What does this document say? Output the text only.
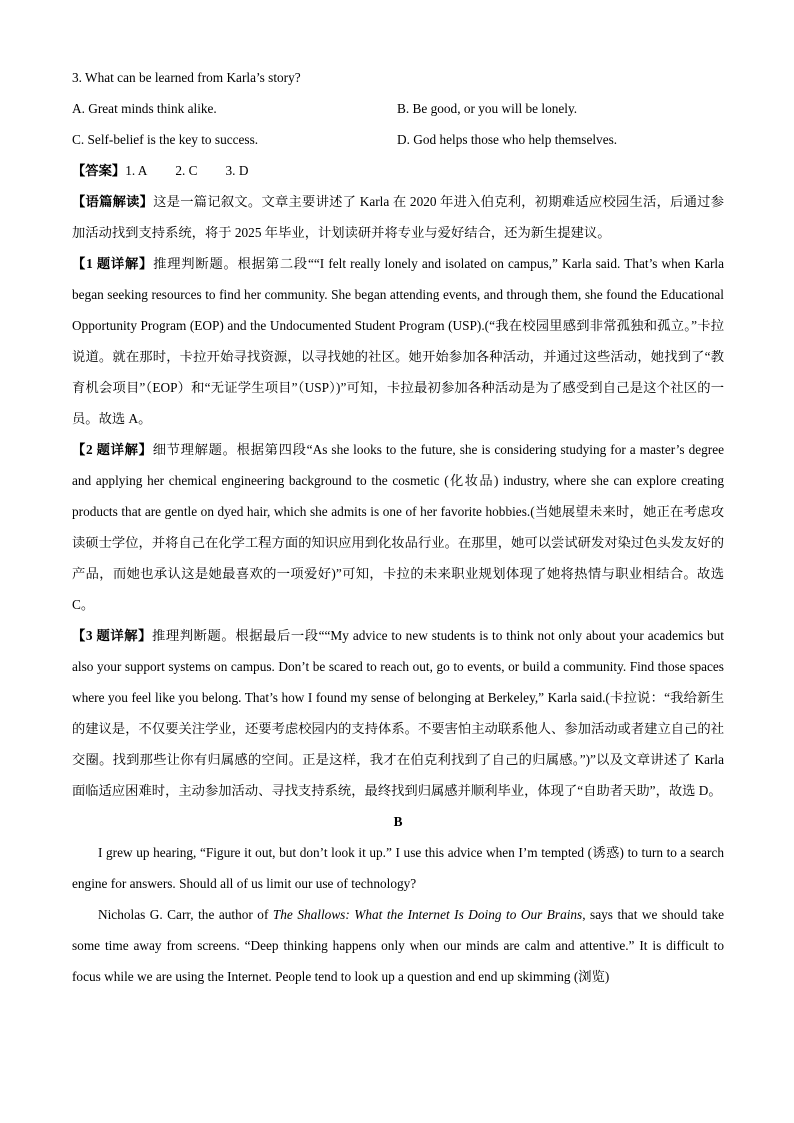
3. What can be learned from Karla’s story?
A. Great minds think alike.	B. Be good, or you will be lonely.
C. Self-belief is the key to success.	D. God helps those who help themselves.
【答案】1. A 2. C 3. D
【语篇解读】这是一篇记叙文。文章主要讲述了 Karla 在 2020 年进入伯克利，初期难适应校园生活，后通过参加活动找到支持系统，将于 2025 年毕业，计划读研并将专业与爱好结合，还为新生提建议。
【1 题详解】推理判断题。根据第二段““I felt really lonely and isolated on campus,” Karla said. That’s when Karla began seeking resources to find her community. She began attending events, and through them, she found the Educational Opportunity Program (EOP) and the Undocumented Student Program (USP).(“我在校园里感到非常孤独和孤立。”卡拉说道。就在那时，卡拉开始寻找资源，以寻找她的社区。她开始参加各种活动，并通过这些活动，她找到了“教育机会项目”（EOP）和“无证学生项目”（USP）)”可知，卡拉最初参加各种活动是为了感受到自己是这个社区的一员。故选 A。
【2 题详解】细节理解题。根据第四段“As she looks to the future, she is considering studying for a master’s degree and applying her chemical engineering background to the cosmetic (化妆品) industry, where she can explore creating products that are gentle on dyed hair, which she admits is one of her favorite hobbies.(当她展望未来时，她正在考虑攻读硕士学位，并将自己在化学工程方面的知识应用到化妆品行业。在那里，她可以尝试研发对染过色头发友好的产品，而她也承认这是她最喜欢的一项爱好)”可知，卡拉的未来职业规划体现了她将热情与职业相结合。故选 C。
【3 题详解】推理判断题。根据最后一段““My advice to new students is to think not only about your academics but also your support systems on campus. Don’t be scared to reach out, go to events, or build a community. Find those spaces where you feel like you belong. That’s how I found my sense of belonging at Berkeley,” Karla said.(卡拉说：“我给新生的建议是，不仅要关注学业，还要考虑校园内的支持体系。不要害怕主动联系他人、参加活动或者建立自己的社交圈。找到那些让你有归属感的空间。正是这样，我才在伯克利找到了自己的归属感。”)”以及文章讲述了 Karla 面临适应困难时，主动参加活动、寻找支持系统，最终找到归属感并顺利毕业，体现了“自助者天助”，故选 D。
B
I grew up hearing, “Figure it out, but don’t look it up.” I use this advice when I’m tempted (诱惑) to turn to a search engine for answers. Should all of us limit our use of technology?
Nicholas G. Carr, the author of The Shallows: What the Internet Is Doing to Our Brains, says that we should take some time away from screens. “Deep thinking happens only when our minds are calm and attentive.” It is difficult to focus while we are using the Internet. People tend to look up a question and end up skimming (浏览)
